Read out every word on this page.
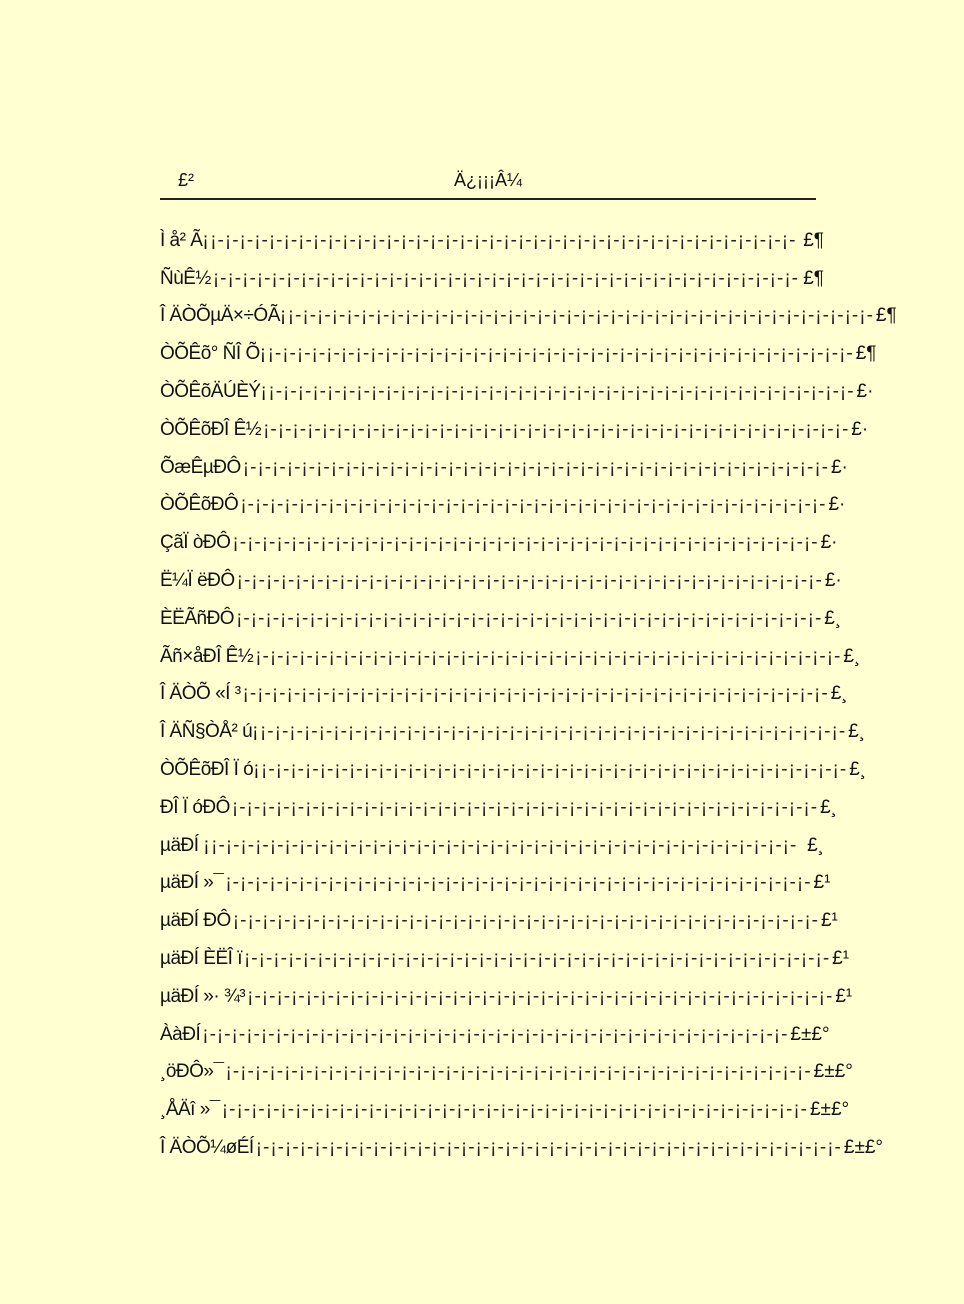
£²	Ä¿¡¡¡Â¼
Ì å² Ã¡ ¡-¡-¡-¡-¡-¡-¡-¡-¡-¡-¡-¡-¡-¡-¡-¡-¡-¡-¡-¡-¡-¡-¡-¡-¡-¡-¡-¡-¡-¡-¡-¡-¡-¡-¡-¡-¡-¡-¡-¡- £¶
ÑùÊ½ ¡-¡-¡-¡-¡-¡-¡-¡-¡-¡-¡-¡-¡-¡-¡-¡-¡-¡-¡-¡-¡-¡-¡-¡-¡-¡-¡-¡-¡-¡-¡-¡-¡-¡-¡-¡-¡-¡-¡-¡- £¶
Î ÄÒÕµÄ×÷ÓÃ¡ ¡-¡-¡-¡-¡-¡-¡-¡-¡-¡-¡-¡-¡-¡-¡-¡-¡-¡-¡-¡-¡-¡-¡-¡-¡-¡-¡-¡-¡-¡-¡-¡-¡-¡-¡-¡-¡-¡-¡-¡- £¶
ÒÕÊõ° ÑÎ Õ¡ ¡-¡-¡-¡-¡-¡-¡-¡-¡-¡-¡-¡-¡-¡-¡-¡-¡-¡-¡-¡-¡-¡-¡-¡-¡-¡-¡-¡-¡-¡-¡-¡-¡-¡-¡-¡-¡-¡-¡-¡- £¶
ÒÕÊõÄÚÈÝ¡ ¡-¡-¡-¡-¡-¡-¡-¡-¡-¡-¡-¡-¡-¡-¡-¡-¡-¡-¡-¡-¡-¡-¡-¡-¡-¡-¡-¡-¡-¡-¡-¡-¡-¡-¡-¡-¡-¡-¡-¡- £·
ÒÕÊõÐÎ Ê½ ¡-¡-¡-¡-¡-¡-¡-¡-¡-¡-¡-¡-¡-¡-¡-¡-¡-¡-¡-¡-¡-¡-¡-¡-¡-¡-¡-¡-¡-¡-¡-¡-¡-¡-¡-¡-¡-¡-¡-¡- £·
ÕæÊµÐÔ ¡-¡-¡-¡-¡-¡-¡-¡-¡-¡-¡-¡-¡-¡-¡-¡-¡-¡-¡-¡-¡-¡-¡-¡-¡-¡-¡-¡-¡-¡-¡-¡-¡-¡-¡-¡-¡-¡-¡-¡- £·
ÒÕÊõÐÔ ¡-¡-¡-¡-¡-¡-¡-¡-¡-¡-¡-¡-¡-¡-¡-¡-¡-¡-¡-¡-¡-¡-¡-¡-¡-¡-¡-¡-¡-¡-¡-¡-¡-¡-¡-¡-¡-¡-¡-¡- £·
ÇãÏ òÐÔ ¡-¡-¡-¡-¡-¡-¡-¡-¡-¡-¡-¡-¡-¡-¡-¡-¡-¡-¡-¡-¡-¡-¡-¡-¡-¡-¡-¡-¡-¡-¡-¡-¡-¡-¡-¡-¡-¡-¡-¡- £·
Ë¼Ï ëÐÔ ¡-¡-¡-¡-¡-¡-¡-¡-¡-¡-¡-¡-¡-¡-¡-¡-¡-¡-¡-¡-¡-¡-¡-¡-¡-¡-¡-¡-¡-¡-¡-¡-¡-¡-¡-¡-¡-¡-¡-¡- £·
ÈËÃñÐÔ ¡-¡-¡-¡-¡-¡-¡-¡-¡-¡-¡-¡-¡-¡-¡-¡-¡-¡-¡-¡-¡-¡-¡-¡-¡-¡-¡-¡-¡-¡-¡-¡-¡-¡-¡-¡-¡-¡-¡-¡- £¸
Ãñ×åÐÎ Ê½ ¡-¡-¡-¡-¡-¡-¡-¡-¡-¡-¡-¡-¡-¡-¡-¡-¡-¡-¡-¡-¡-¡-¡-¡-¡-¡-¡-¡-¡-¡-¡-¡-¡-¡-¡-¡-¡-¡-¡-¡- £¸
Î ÄÒÕ «Í ³ ¡-¡-¡-¡-¡-¡-¡-¡-¡-¡-¡-¡-¡-¡-¡-¡-¡-¡-¡-¡-¡-¡-¡-¡-¡-¡-¡-¡-¡-¡-¡-¡-¡-¡-¡-¡-¡-¡-¡-¡- £¸
Î ÄÑ§ÒÅ² ú¡ ¡-¡-¡-¡-¡-¡-¡-¡-¡-¡-¡-¡-¡-¡-¡-¡-¡-¡-¡-¡-¡-¡-¡-¡-¡-¡-¡-¡-¡-¡-¡-¡-¡-¡-¡-¡-¡-¡-¡-¡- £¸
ÒÕÊõÐÎ Ï ó¡ ¡-¡-¡-¡-¡-¡-¡-¡-¡-¡-¡-¡-¡-¡-¡-¡-¡-¡-¡-¡-¡-¡-¡-¡-¡-¡-¡-¡-¡-¡-¡-¡-¡-¡-¡-¡-¡-¡-¡-¡- £¸
ÐÎ Ï óÐÔ ¡-¡-¡-¡-¡-¡-¡-¡-¡-¡-¡-¡-¡-¡-¡-¡-¡-¡-¡-¡-¡-¡-¡-¡-¡-¡-¡-¡-¡-¡-¡-¡-¡-¡-¡-¡-¡-¡-¡-¡- £¸
µäÐÍ ¡ ¡-¡-¡-¡-¡-¡-¡-¡-¡-¡-¡-¡-¡-¡-¡-¡-¡-¡-¡-¡-¡-¡-¡-¡-¡-¡-¡-¡-¡-¡-¡-¡-¡-¡-¡-¡-¡-¡-¡-¡- £¸
µäÐÍ »¯ ¡-¡-¡-¡-¡-¡-¡-¡-¡-¡-¡-¡-¡-¡-¡-¡-¡-¡-¡-¡-¡-¡-¡-¡-¡-¡-¡-¡-¡-¡-¡-¡-¡-¡-¡-¡-¡-¡-¡-¡- £¹
µäÐÍ ÐÔ ¡-¡-¡-¡-¡-¡-¡-¡-¡-¡-¡-¡-¡-¡-¡-¡-¡-¡-¡-¡-¡-¡-¡-¡-¡-¡-¡-¡-¡-¡-¡-¡-¡-¡-¡-¡-¡-¡-¡-¡- £¹
µäÐÍ ÈËÎ ï ¡-¡-¡-¡-¡-¡-¡-¡-¡-¡-¡-¡-¡-¡-¡-¡-¡-¡-¡-¡-¡-¡-¡-¡-¡-¡-¡-¡-¡-¡-¡-¡-¡-¡-¡-¡-¡-¡-¡-¡- £¹
µäÐÍ »· ¾³ ¡-¡-¡-¡-¡-¡-¡-¡-¡-¡-¡-¡-¡-¡-¡-¡-¡-¡-¡-¡-¡-¡-¡-¡-¡-¡-¡-¡-¡-¡-¡-¡-¡-¡-¡-¡-¡-¡-¡-¡- £¹
ÀàÐÍ ¡-¡-¡-¡-¡-¡-¡-¡-¡-¡-¡-¡-¡-¡-¡-¡-¡-¡-¡-¡-¡-¡-¡-¡-¡-¡-¡-¡-¡-¡-¡-¡-¡-¡-¡-¡-¡-¡-¡-¡- £±£°
¸öÐÔ»¯ ¡-¡-¡-¡-¡-¡-¡-¡-¡-¡-¡-¡-¡-¡-¡-¡-¡-¡-¡-¡-¡-¡-¡-¡-¡-¡-¡-¡-¡-¡-¡-¡-¡-¡-¡-¡-¡-¡-¡-¡- £±£°
¸ÅÄî »¯ ¡-¡-¡-¡-¡-¡-¡-¡-¡-¡-¡-¡-¡-¡-¡-¡-¡-¡-¡-¡-¡-¡-¡-¡-¡-¡-¡-¡-¡-¡-¡-¡-¡-¡-¡-¡-¡-¡-¡-¡- £±£°
Î ÄÒÕ¼øÉÍ ¡-¡-¡-¡-¡-¡-¡-¡-¡-¡-¡-¡-¡-¡-¡-¡-¡-¡-¡-¡-¡-¡-¡-¡-¡-¡-¡-¡-¡-¡-¡-¡-¡-¡-¡-¡-¡-¡-¡-¡- £±£°
